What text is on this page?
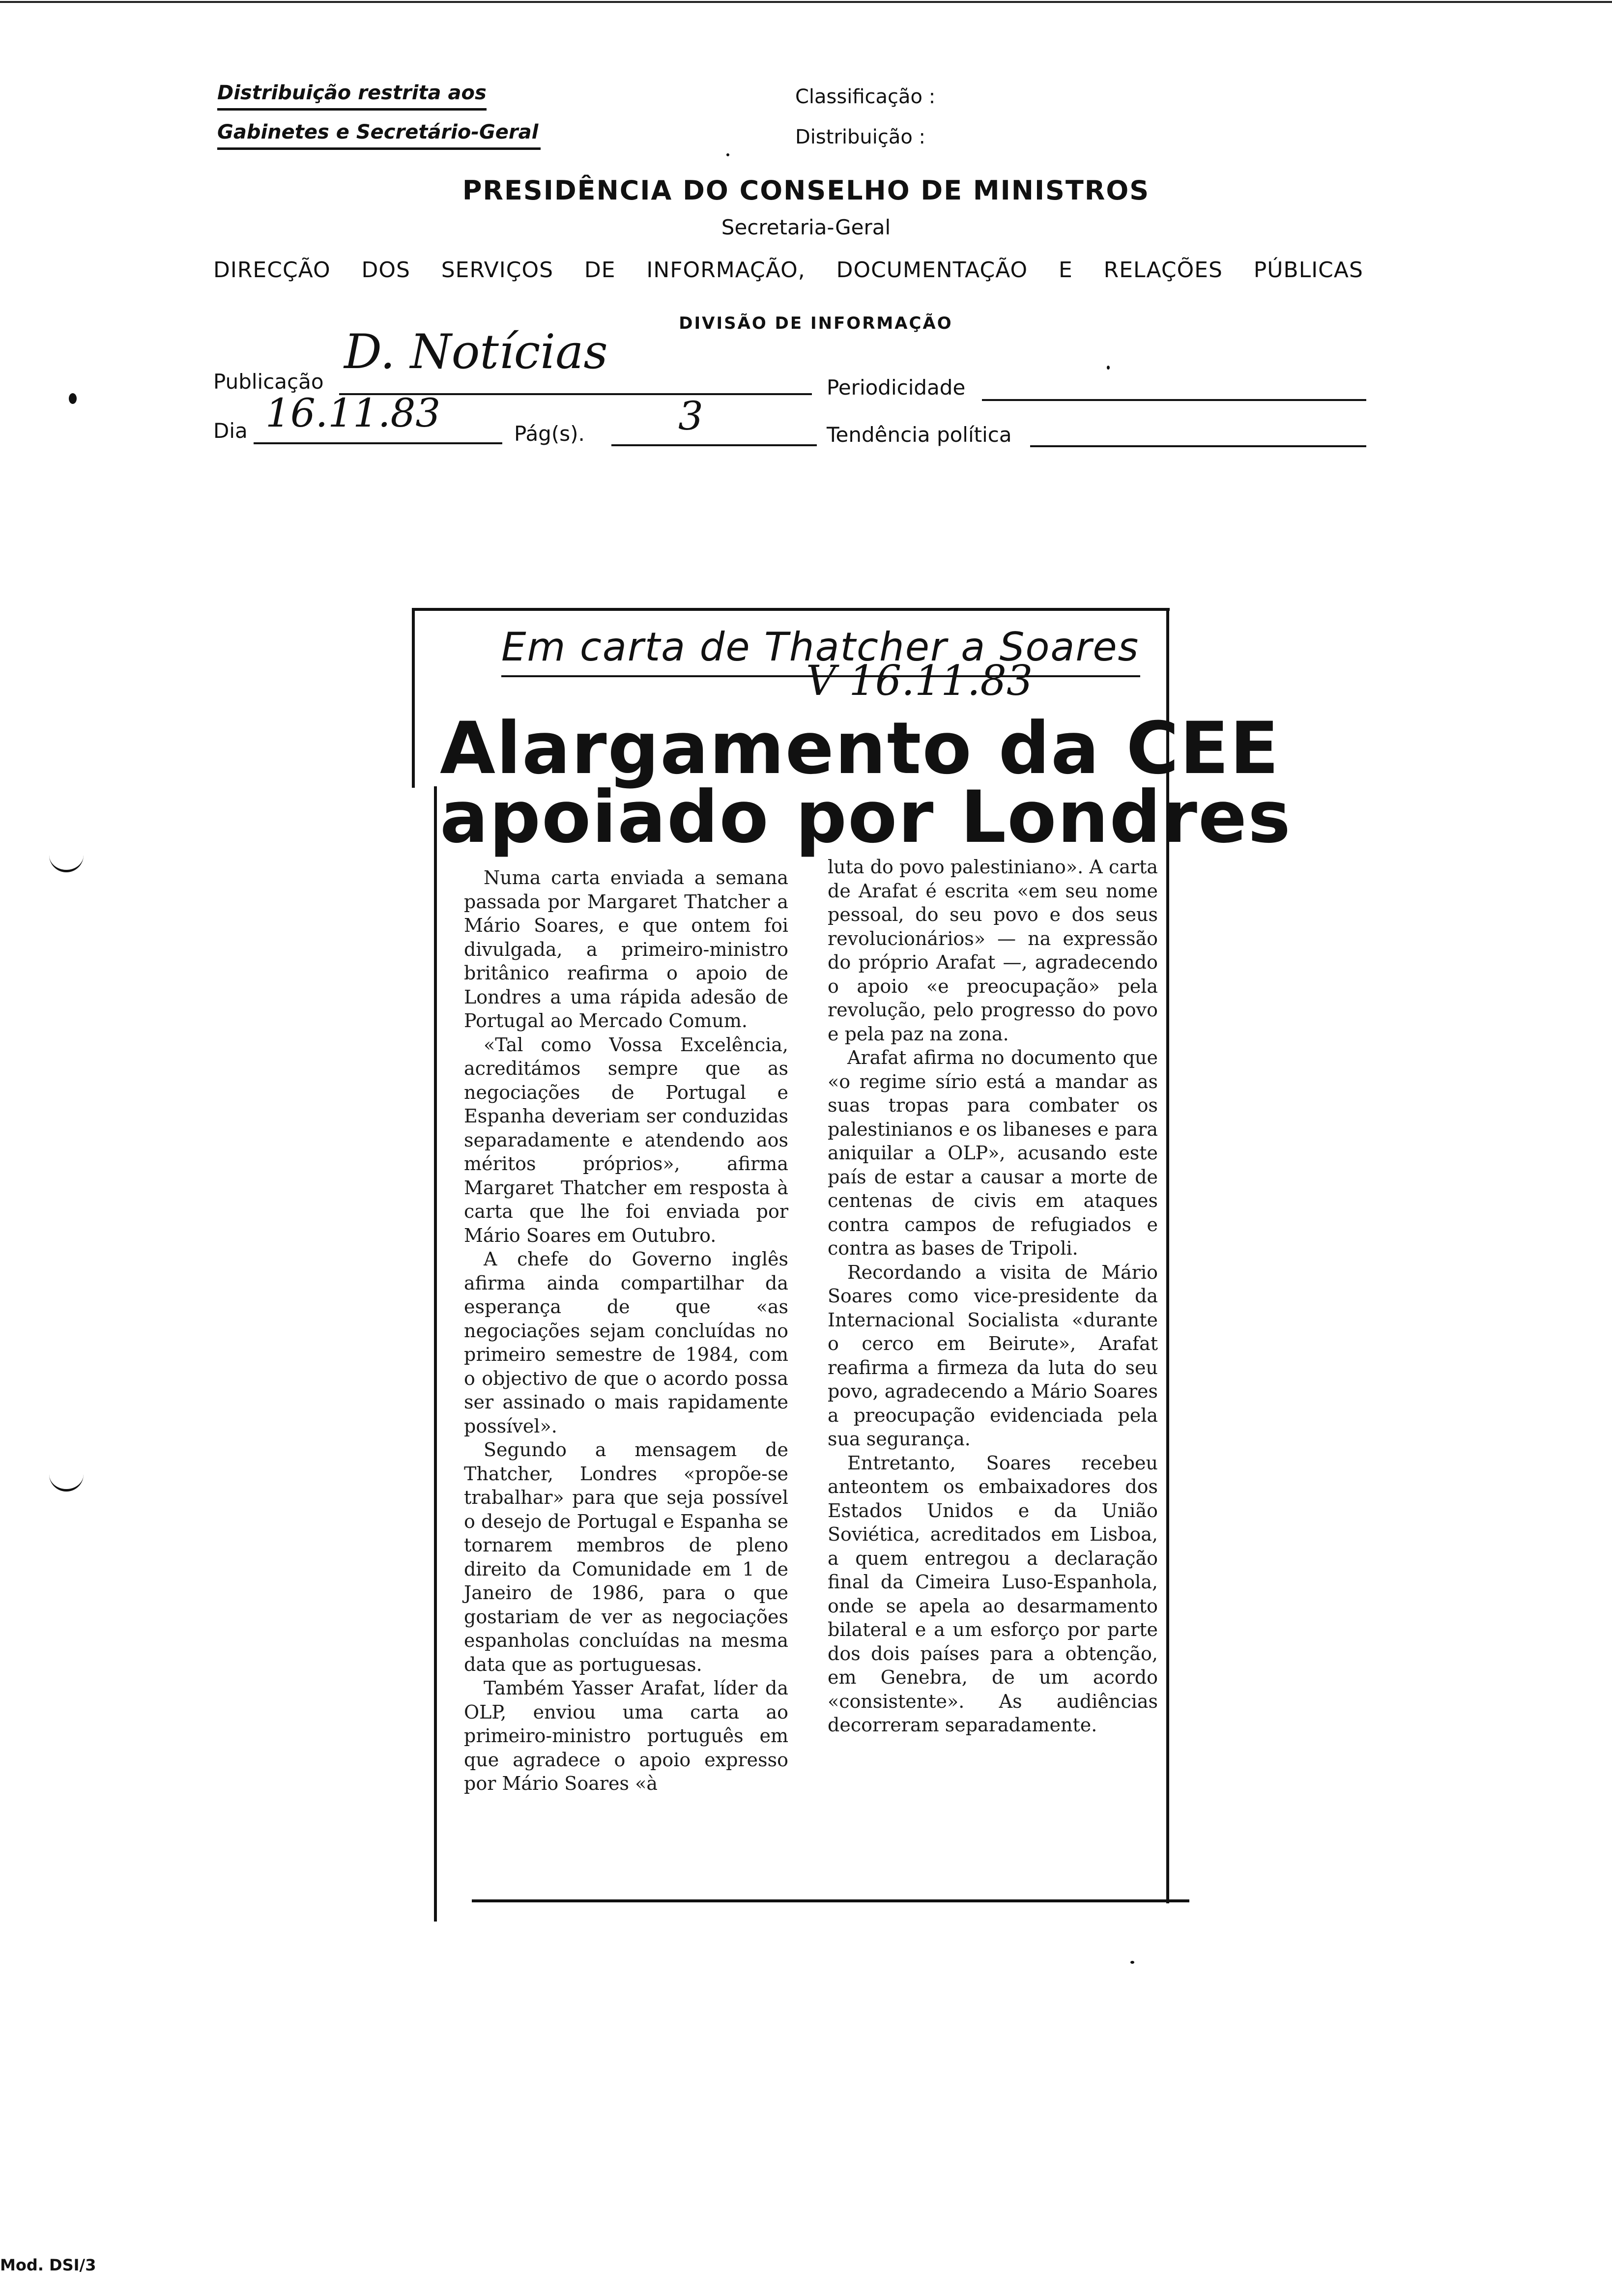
Distribuição restrita aos
Gabinetes e Secretário-Geral
Classificação :
Distribuição :
PRESIDÊNCIA DO CONSELHO DE MINISTROS
Secretaria-Geral
DIRECÇÃO DOS SERVIÇOS DE INFORMAÇÃO, DOCUMENTAÇÃO E RELAÇÕES PÚBLICAS
DIVISÃO DE INFORMAÇÃO
Publicação
D. Notícias
Periodicidade
Dia 16.11.83	Pág(s). 3	Tendência política
Em carta de Thatcher a Soares
V 16.11.83
Alargamento da CEE
apoiado por Londres

Numa carta enviada a semana passada por Margaret Thatcher a Mário Soares, e que ontem foi divulgada, a primeiro-ministro britânico reafirma o apoio de Londres a uma rápida adesão de Portugal ao Mercado Comum.

«Tal como Vossa Excelência, acreditámos sempre que as negociações de Portugal e Espanha deveriam ser conduzidas separadamente e atendendo aos méritos próprios», afirma Margaret Thatcher em resposta à carta que lhe foi enviada por Mário Soares em Outubro.

A chefe do Governo inglês afirma ainda compartilhar da esperança de que «as negociações sejam concluídas no primeiro semestre de 1984, com o objectivo de que o acordo possa ser assinado o mais rapidamente possível».

Segundo a mensagem de Thatcher, Londres «propõe-se trabalhar» para que seja possível o desejo de Portugal e Espanha se tornarem membros de pleno direito da Comunidade em 1 de Janeiro de 1986, para o que gostariam de ver as negociações espanholas concluídas na mesma data que as portuguesas.

Também Yasser Arafat, líder da OLP, enviou uma carta ao primeiro-ministro português em que agradece o apoio expresso por Mário Soares «à

luta do povo palestiniano». A carta de Arafat é escrita «em seu nome pessoal, do seu povo e dos seus revolucionários» — na expressão do próprio Arafat —, agradecendo o apoio «e preocupação» pela revolução, pelo progresso do povo e pela paz na zona.

Arafat afirma no documento que «o regime sírio está a mandar as suas tropas para combater os palestinianos e os libaneses e para aniquilar a OLP», acusando este país de estar a causar a morte de centenas de civis em ataques contra campos de refugiados e contra as bases de Tripoli.

Recordando a visita de Mário Soares como vice-presidente da Internacional Socialista «durante o cerco em Beirute», Arafat reafirma a firmeza da luta do seu povo, agradecendo a Mário Soares a preocupação evidenciada pela sua segurança.

Entretanto, Soares recebeu anteontem os embaixadores dos Estados Unidos e da União Soviética, acreditados em Lisboa, a quem entregou a declaração final da Cimeira Luso-Espanhola, onde se apela ao desarmamento bilateral e a um esforço por parte dos dois países para a obtenção, em Genebra, de um acordo «consistente». As audiências decorreram separadamente.

Mod. DSI/3
